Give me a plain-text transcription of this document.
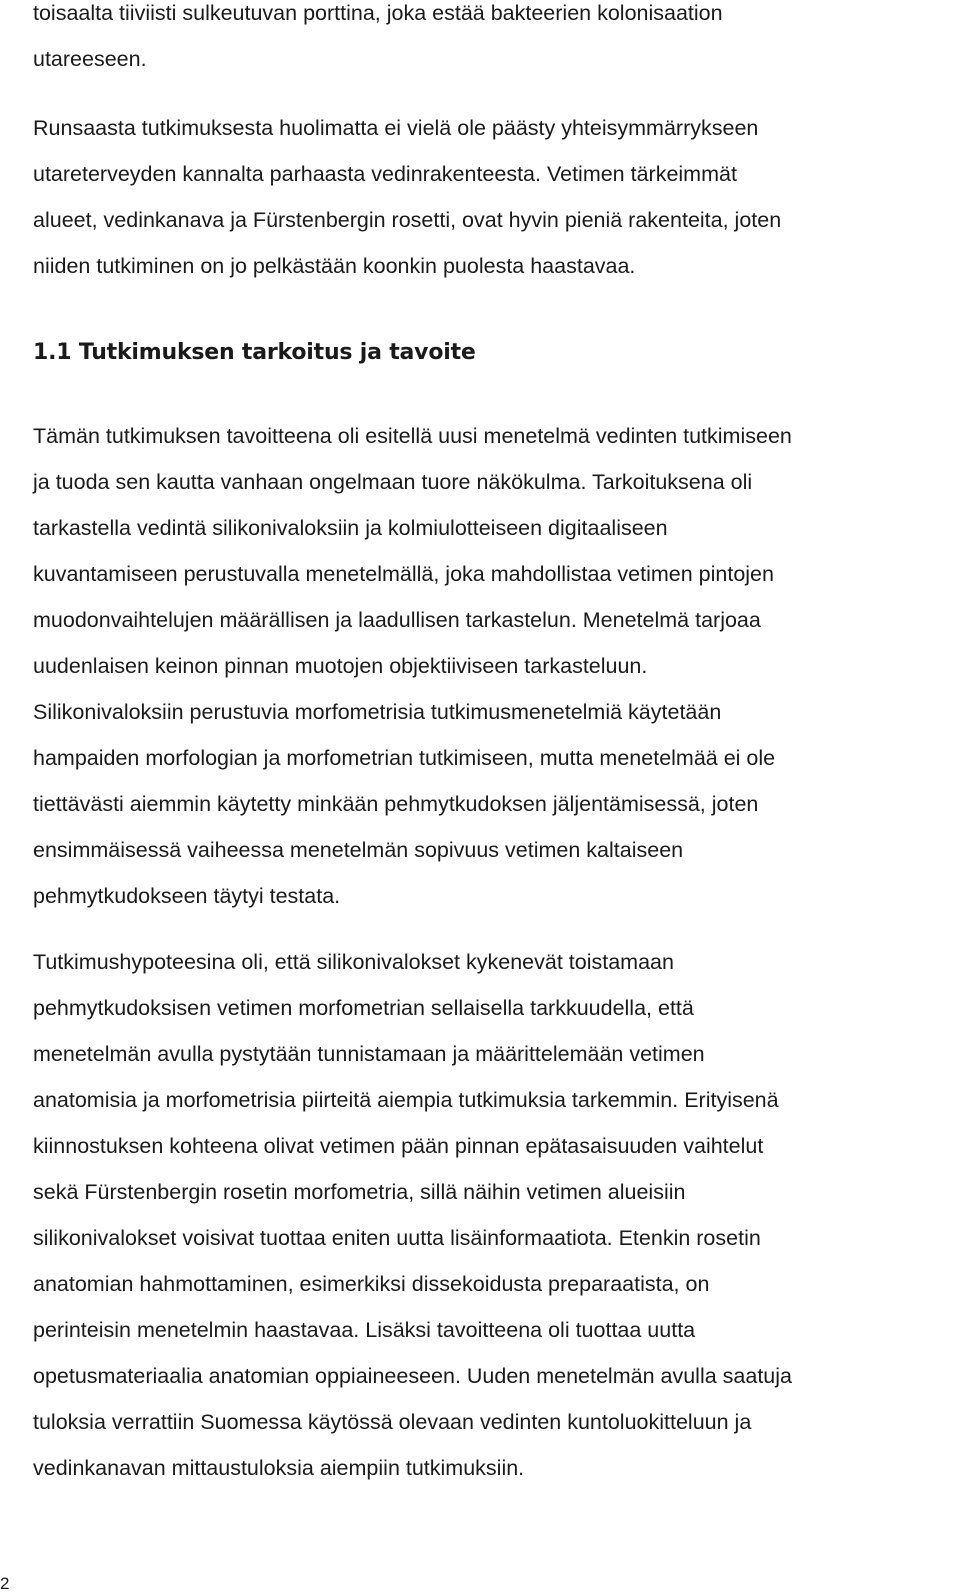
toisaalta tiiviisti sulkeutuvan porttina, joka estää bakteerien kolonisaation
utareeseen.
Runsaasta tutkimuksesta huolimatta ei vielä ole päästy yhteisymmärrykseen
utareterveyden kannalta parhaasta vedinrakenteesta. Vetimen tärkeimmät
alueet, vedinkanava ja Fürstenbergin rosetti, ovat hyvin pieniä rakenteita, joten
niiden tutkiminen on jo pelkästään koonkin puolesta haastavaa.
1.1 Tutkimuksen tarkoitus ja tavoite
Tämän tutkimuksen tavoitteena oli esitellä uusi menetelmä vedinten tutkimiseen
ja tuoda sen kautta vanhaan ongelmaan tuore näkökulma. Tarkoituksena oli
tarkastella vedintä silikonivaloksiin ja kolmiulotteiseen digitaaliseen
kuvantamiseen perustuvalla menetelmällä, joka mahdollistaa vetimen pintojen
muodonvaihtelujen määrällisen ja laadullisen tarkastelun. Menetelmä tarjoaa
uudenlaisen keinon pinnan muotojen objektiiviseen tarkasteluun.
Silikonivaloksiin perustuvia morfometrisia tutkimusmenetelmiä käytetään
hampaiden morfologian ja morfometrian tutkimiseen, mutta menetelmää ei ole
tiettävästi aiemmin käytetty minkään pehmytkudoksen jäljentämisessä, joten
ensimmäisessä vaiheessa menetelmän sopivuus vetimen kaltaiseen
pehmytkudokseen täytyi testata.
Tutkimushypoteesina oli, että silikonivalokset kykenevät toistamaan
pehmytkudoksisen vetimen morfometrian sellaisella tarkkuudella, että
menetelmän avulla pystytään tunnistamaan ja määrittelemään vetimen
anatomisia ja morfometrisia piirteitä aiempia tutkimuksia tarkemmin. Erityisenä
kiinnostuksen kohteena olivat vetimen pään pinnan epätasaisuuden vaihtelut
sekä Fürstenbergin rosetin morfometria, sillä näihin vetimen alueisiin
silikonivalokset voisivat tuottaa eniten uutta lisäinformaatiota. Etenkin rosetin
anatomian hahmottaminen, esimerkiksi dissekoidusta preparaatista, on
perinteisin menetelmin haastavaa. Lisäksi tavoitteena oli tuottaa uutta
opetusmateriaalia anatomian oppiaineeseen. Uuden menetelmän avulla saatuja
tuloksia verrattiin Suomessa käytössä olevaan vedinten kuntoluokitteluun ja
vedinkanavan mittaustuloksia aiempiin tutkimuksiin.
2
